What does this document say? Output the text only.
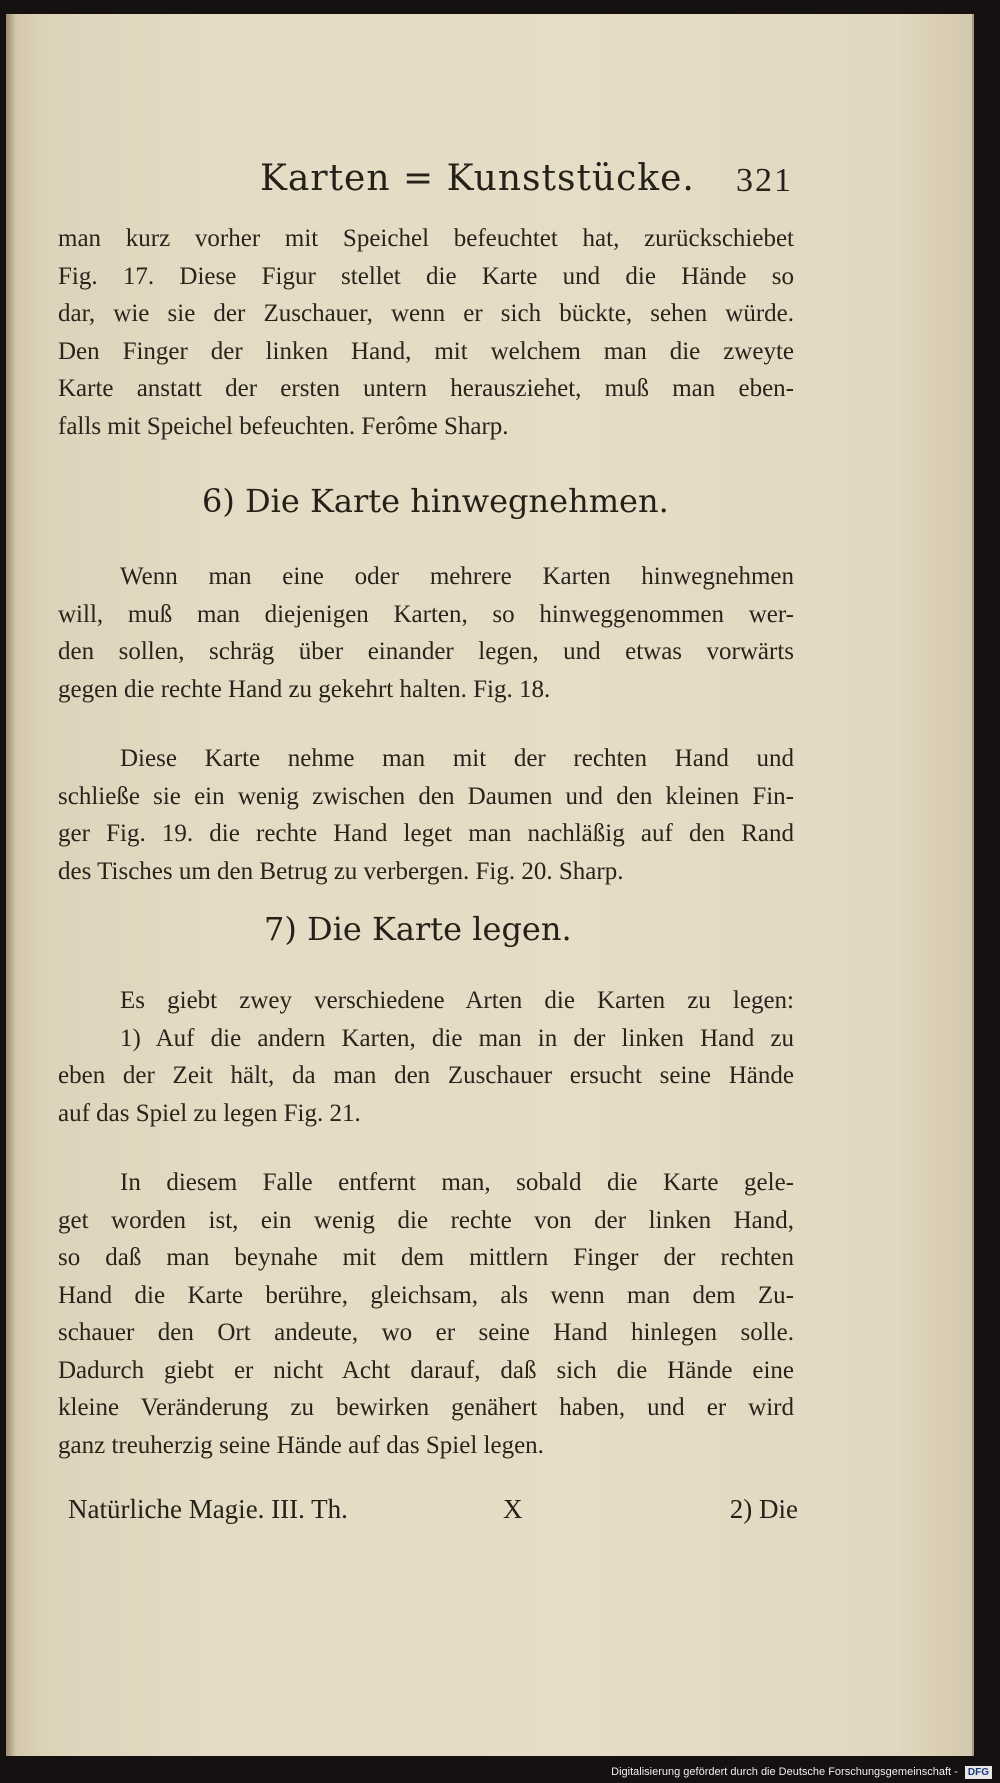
Karten = Kunststücke. 321
man kurz vorher mit Speichel befeuchtet hat, zurückschiebet
Fig. 17. Diese Figur stellet die Karte und die Hände so
dar, wie sie der Zuschauer, wenn er sich bückte, sehen würde.
Den Finger der linken Hand, mit welchem man die zweyte
Karte anstatt der ersten untern herausziehet, muß man eben-
falls mit Speichel befeuchten. Ferôme Sharp.
6) Die Karte hinwegnehmen.
Wenn man eine oder mehrere Karten hinwegnehmen
will, muß man diejenigen Karten, so hinweggenommen wer-
den sollen, schräg über einander legen, und etwas vorwärts
gegen die rechte Hand zu gekehrt halten. Fig. 18.
Diese Karte nehme man mit der rechten Hand und
schließe sie ein wenig zwischen den Daumen und den kleinen Fin-
ger Fig. 19. die rechte Hand leget man nachläßig auf den Rand
des Tisches um den Betrug zu verbergen. Fig. 20. Sharp.
7) Die Karte legen.
Es giebt zwey verschiedene Arten die Karten zu legen:
1) Auf die andern Karten, die man in der linken Hand zu
eben der Zeit hält, da man den Zuschauer ersucht seine Hände
auf das Spiel zu legen Fig. 21.
In diesem Falle entfernt man, sobald die Karte gele-
get worden ist, ein wenig die rechte von der linken Hand,
so daß man beynahe mit dem mittlern Finger der rechten
Hand die Karte berühre, gleichsam, als wenn man dem Zu-
schauer den Ort andeute, wo er seine Hand hinlegen solle.
Dadurch giebt er nicht Acht darauf, daß sich die Hände eine
kleine Veränderung zu bewirken genähert haben, und er wird
ganz treuherzig seine Hände auf das Spiel legen.
Natürliche Magie. III. Th.	X	2) Die
Digitalisierung gefördert durch die Deutsche Forschungsgemeinschaft - DFG
